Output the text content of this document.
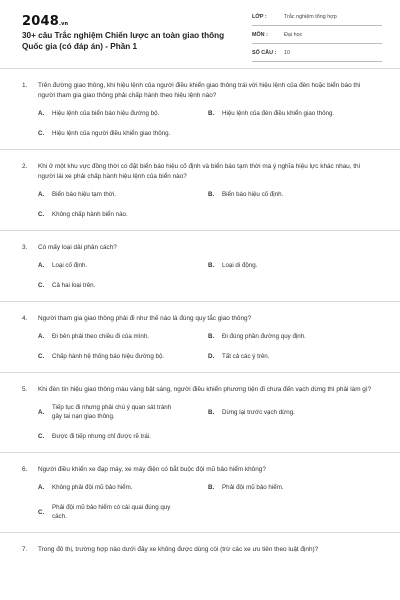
2048.vn
30+ câu Trắc nghiệm Chiến lược an toàn giao thông Quốc gia (có đáp án) - Phần 1
LỚP :	Trắc nghiệm tổng hợp
MÔN :	Đại học
SỐ CÂU : 10
1.	Trên đường giao thông, khi hiệu lệnh của người điều khiển giao thông trái với hiệu lệnh của đèn hoặc biển báo thì người tham gia giao thông phải chấp hành theo hiệu lệnh nào?
A.	Hiệu lệnh của biển báo hiệu đường bộ.	B.	Hiệu lệnh của đèn điều khiển giao thông.
C.	Hiệu lệnh của người điều khiển giao thông.
2.	Khi ở một khu vực đồng thời có đặt biển báo hiệu cố định và biển báo tạm thời mà ý nghĩa hiệu lực khác nhau, thì người lái xe phải chấp hành hiệu lệnh của biển nào?
A.	Biển báo hiệu tạm thời.	B.	Biển báo hiệu cố định.
C.	Không chấp hành biển nào.
3.	Có mấy loại dải phân cách?
A.	Loại cố định.	B.	Loại di động.
C.	Cả hai loại trên.
4.	Người tham gia giao thông phải đi như thế nào là đúng quy tắc giao thông?
A.	Đi bên phải theo chiều đi của mình.	B.	Đi đúng phần đường quy định.
C.	Chấp hành hệ thống báo hiệu đường bộ.	D.	Tất cả các ý trên.
5.	Khi đèn tín hiệu giao thông màu vàng bật sáng, người điều khiển phương tiện đi chưa đến vạch dừng thì phải làm gì?
A.
Tiếp tục đi nhưng phải chú ý quan sát tránh gây tai nạn giao thông.
B.	Dừng lại trước vạch dừng.
C.	Được đi tiếp nhưng chỉ được rẽ trái.
6.	Người điều khiển xe đạp máy, xe máy điện có bắt buộc đội mũ bảo hiểm không?
A.	Không phải đội mũ bảo hiểm.	B.	Phải đội mũ bảo hiểm.
C.
Phải đội mũ bảo hiểm có cài quai đúng quy cách.
7.	Trong đô thị, trường hợp nào dưới đây xe không được dùng còi (trừ các xe ưu tiên theo luật định)?
